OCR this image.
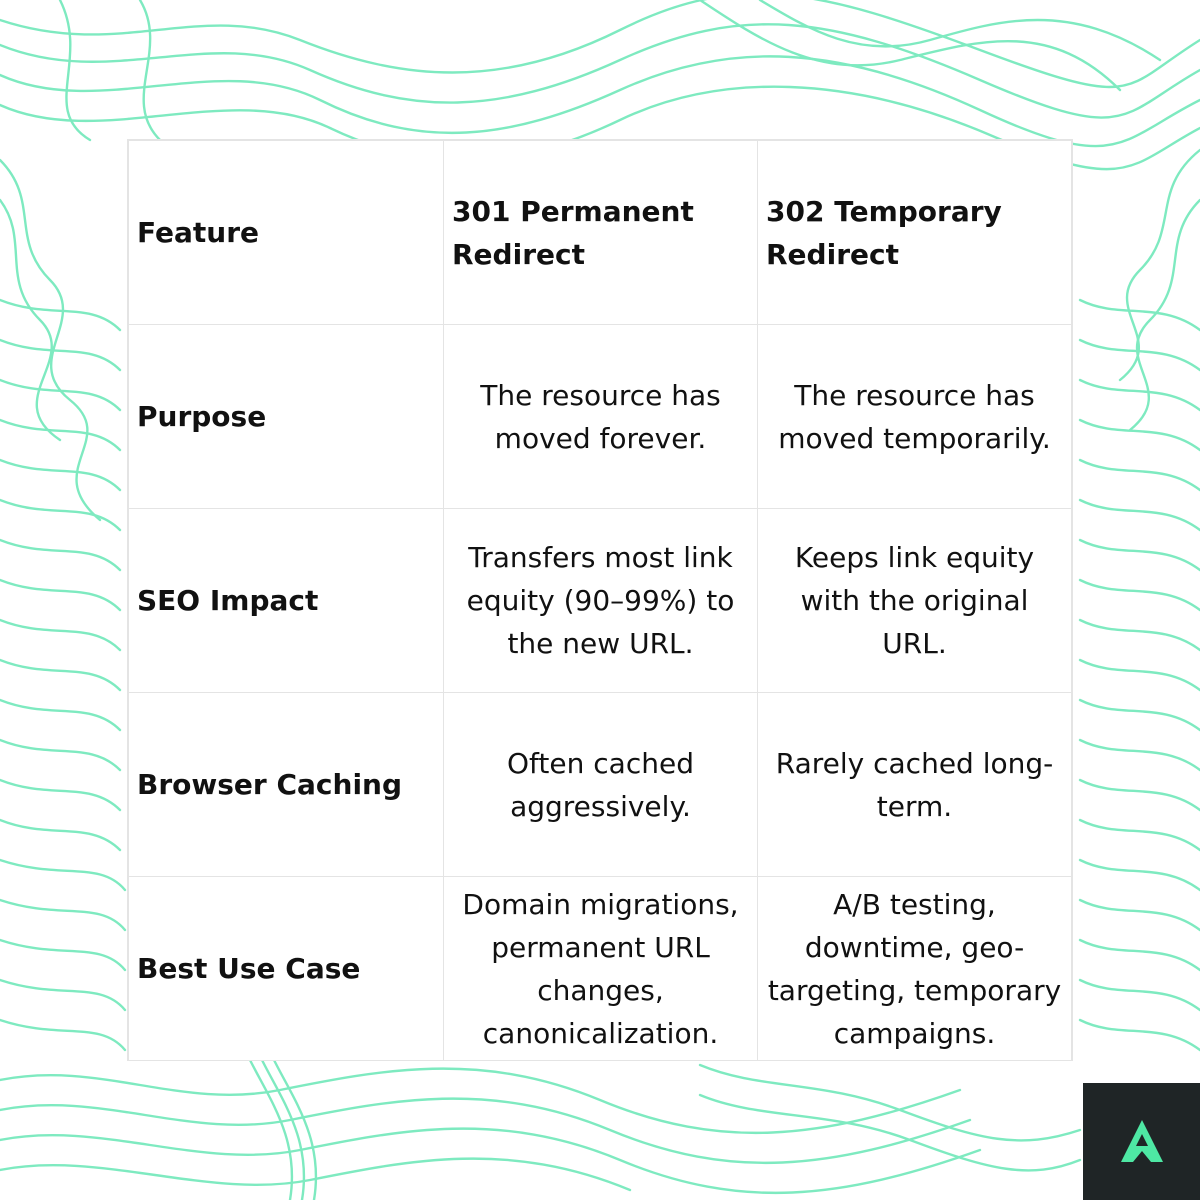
Feature	301 Permanent Redirect	302 Temporary Redirect
Purpose	The resource has moved forever.	The resource has moved temporarily.
SEO Impact	Transfers most link equity (90–99%) to the new URL.	Keeps link equity with the original URL.
Browser Caching	Often cached aggressively.	Rarely cached long-term.
Best Use Case	Domain migrations, permanent URL changes, canonicalization.	A/B testing, downtime, geo-targeting, temporary campaigns.
